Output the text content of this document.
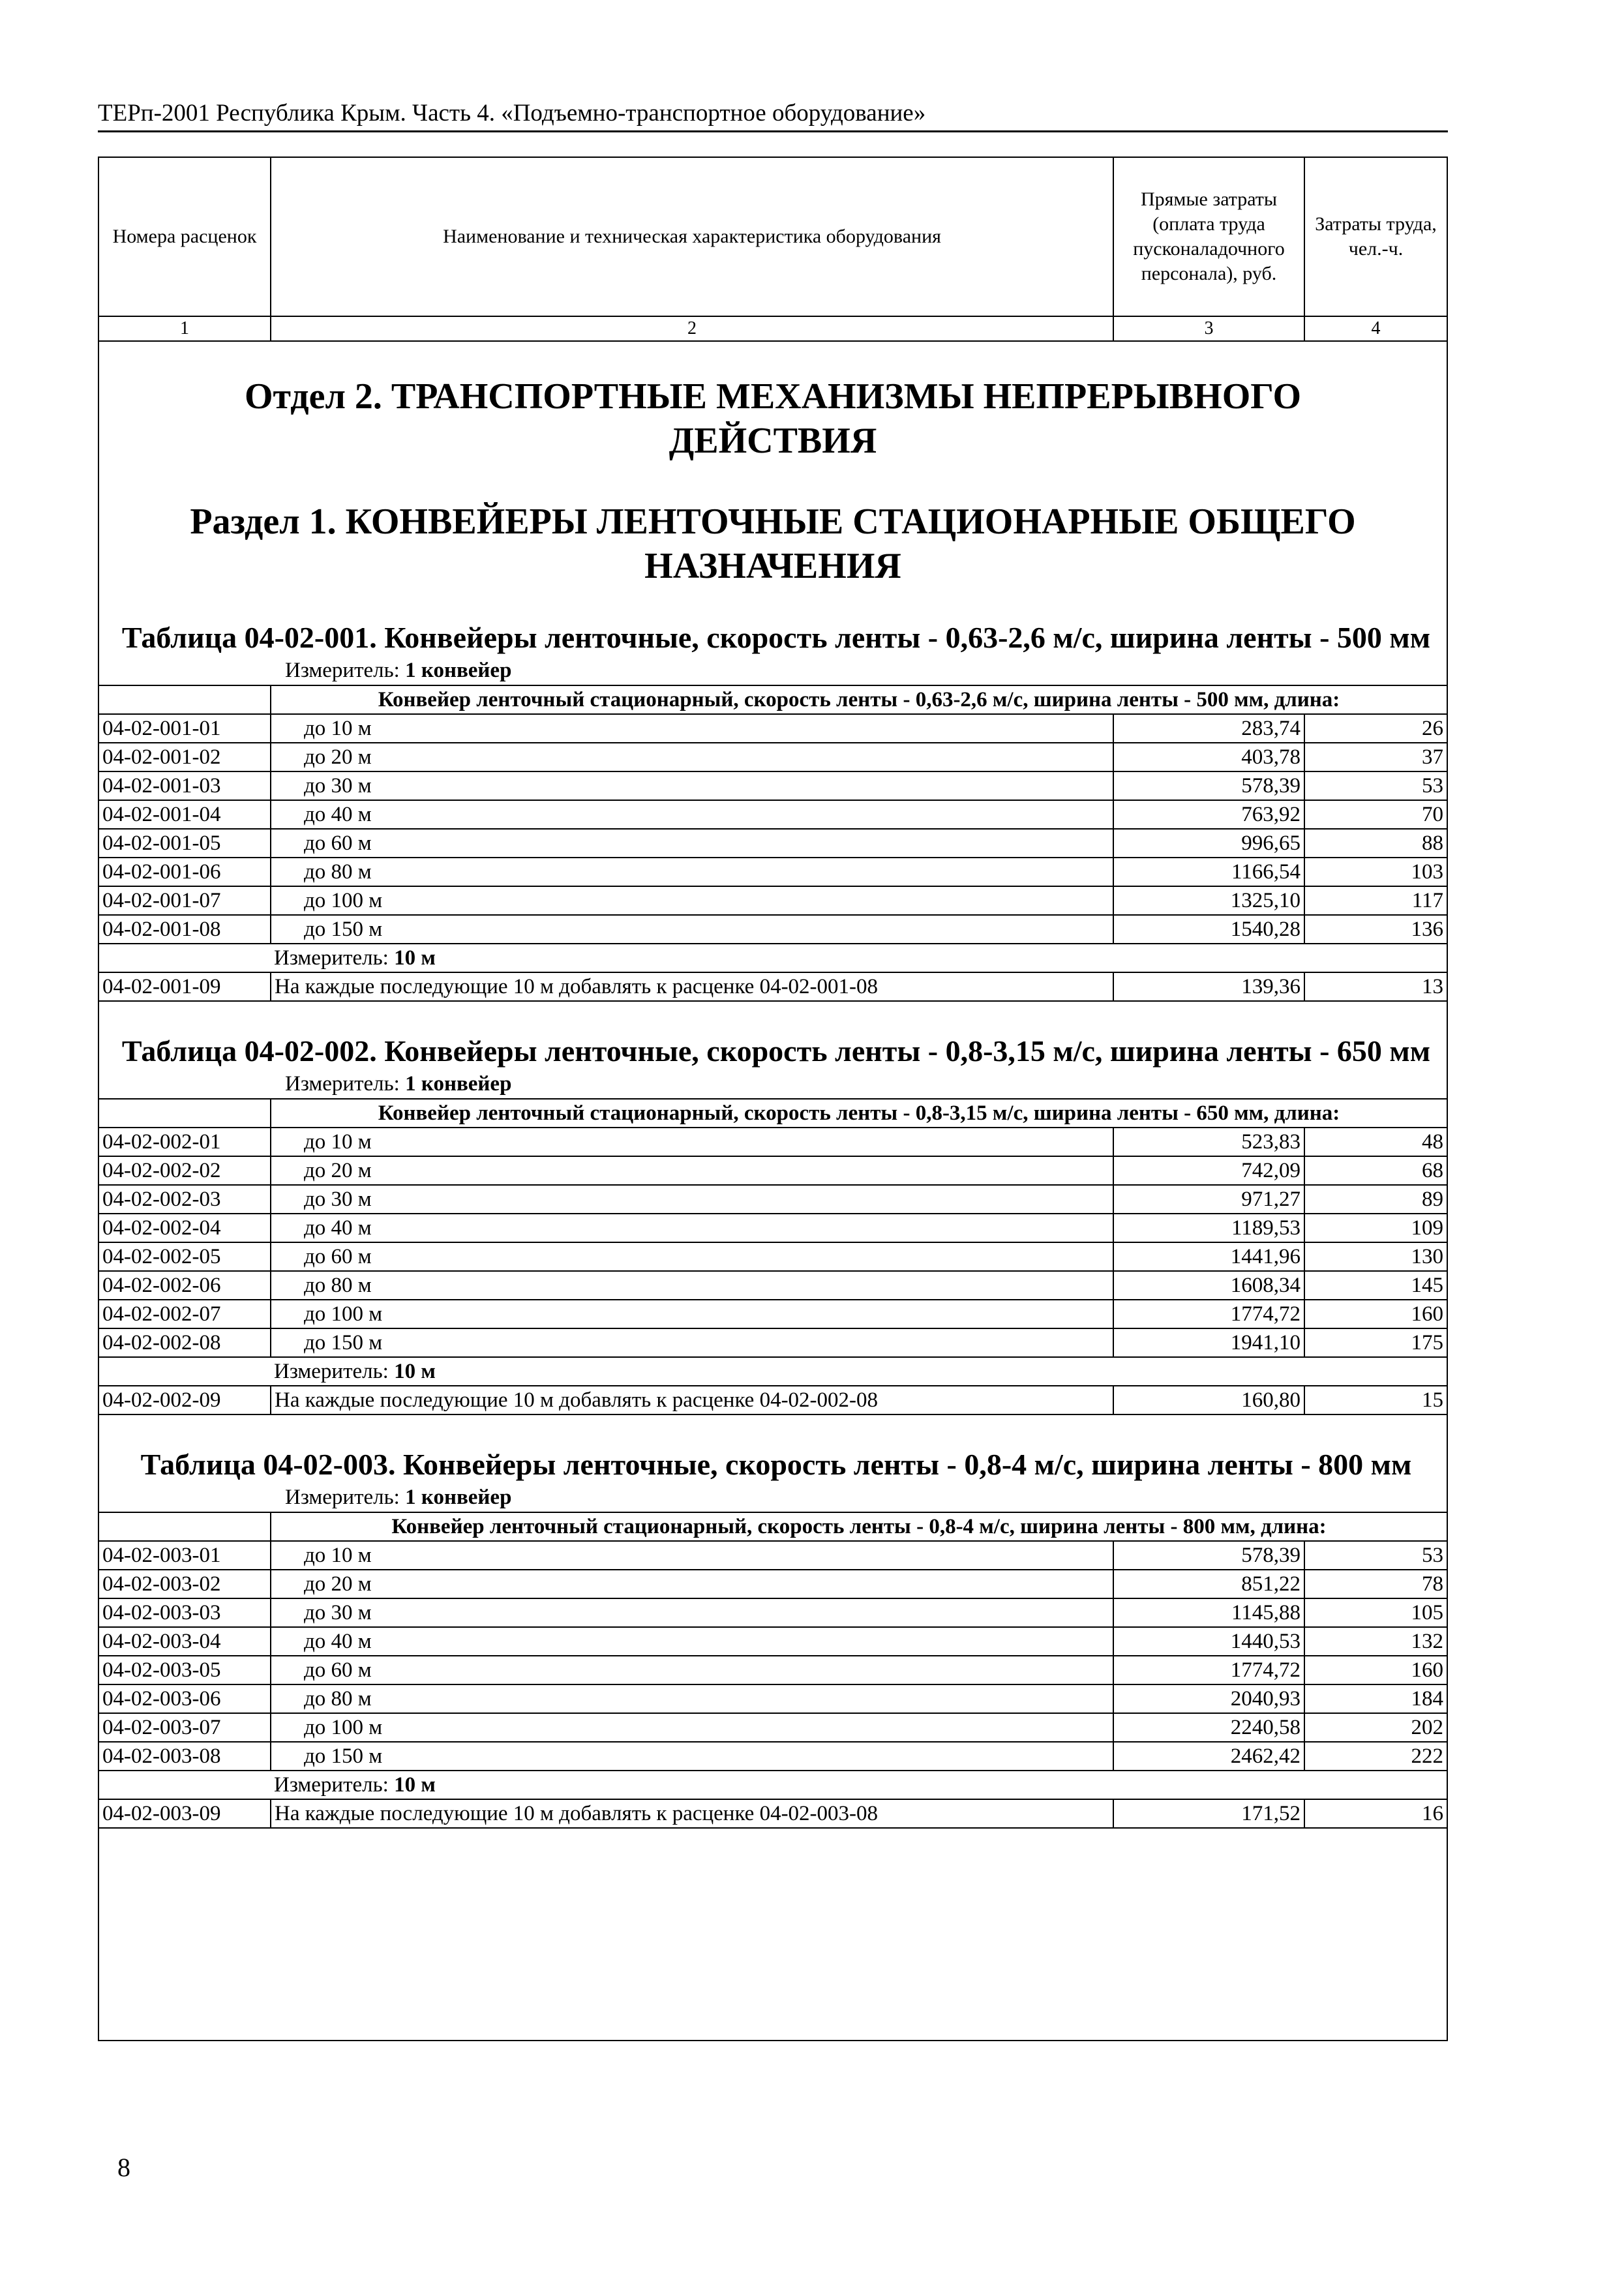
ТЕРп-2001 Республика Крым. Часть 4. «Подъемно-транспортное оборудование»
Номера расценок	Наименование и техническая характеристика оборудования	Прямые затраты (оплата труда пусконаладочного персонала), руб.	Затраты труда, чел.-ч.
1	2	3	4
Отдел 2. ТРАНСПОРТНЫЕ МЕХАНИЗМЫ НЕПРЕРЫВНОГО ДЕЙСТВИЯ
Раздел 1. КОНВЕЙЕРЫ ЛЕНТОЧНЫЕ СТАЦИОНАРНЫЕ ОБЩЕГО НАЗНАЧЕНИЯ
Таблица 04-02-001. Конвейеры ленточные, скорость ленты - 0,63-2,6 м/с, ширина ленты - 500 мм
Измеритель: 1 конвейер
	Конвейер ленточный стационарный, скорость ленты - 0,63-2,6 м/с, ширина ленты - 500 мм, длина:		
04-02-001-01	до 10 м	283,74	26
04-02-001-02	до 20 м	403,78	37
04-02-001-03	до 30 м	578,39	53
04-02-001-04	до 40 м	763,92	70
04-02-001-05	до 60 м	996,65	88
04-02-001-06	до 80 м	1166,54	103
04-02-001-07	до 100 м	1325,10	117
04-02-001-08	до 150 м	1540,28	136
	Измеритель: 10 м		
04-02-001-09	На каждые последующие 10 м добавлять к расценке 04-02-001-08	139,36	13
Таблица 04-02-002. Конвейеры ленточные, скорость ленты - 0,8-3,15 м/с, ширина ленты - 650 мм
Измеритель: 1 конвейер
	Конвейер ленточный стационарный, скорость ленты - 0,8-3,15 м/с, ширина ленты - 650 мм, длина:		
04-02-002-01	до 10 м	523,83	48
04-02-002-02	до 20 м	742,09	68
04-02-002-03	до 30 м	971,27	89
04-02-002-04	до 40 м	1189,53	109
04-02-002-05	до 60 м	1441,96	130
04-02-002-06	до 80 м	1608,34	145
04-02-002-07	до 100 м	1774,72	160
04-02-002-08	до 150 м	1941,10	175
	Измеритель: 10 м		
04-02-002-09	На каждые последующие 10 м добавлять к расценке 04-02-002-08	160,80	15
Таблица 04-02-003. Конвейеры ленточные, скорость ленты - 0,8-4 м/с, ширина ленты - 800 мм
Измеритель: 1 конвейер
	Конвейер ленточный стационарный, скорость ленты - 0,8-4 м/с, ширина ленты - 800 мм, длина:		
04-02-003-01	до 10 м	578,39	53
04-02-003-02	до 20 м	851,22	78
04-02-003-03	до 30 м	1145,88	105
04-02-003-04	до 40 м	1440,53	132
04-02-003-05	до 60 м	1774,72	160
04-02-003-06	до 80 м	2040,93	184
04-02-003-07	до 100 м	2240,58	202
04-02-003-08	до 150 м	2462,42	222
	Измеритель: 10 м		
04-02-003-09	На каждые последующие 10 м добавлять к расценке 04-02-003-08	171,52	16
8
